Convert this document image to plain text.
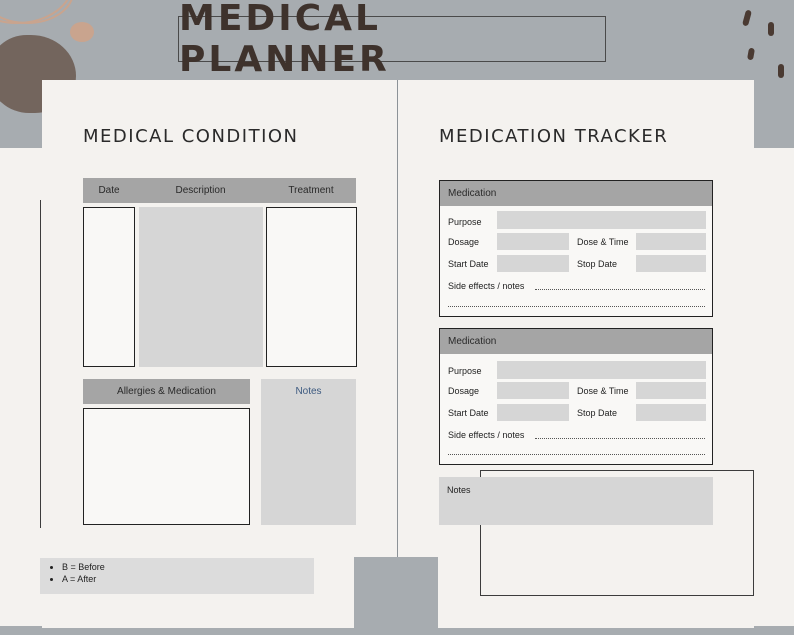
MEDICAL PLANNER
MEDICAL CONDITION
Date	Description	Treatment
Allergies & Medication	Notes
• B = Before
• A = After
MEDICATION TRACKER
Medication
Purpose
Dosage	Dose & Time
Start Date	Stop Date
Side effects / notes
Medication
Purpose
Dosage	Dose & Time
Start Date	Stop Date
Side effects / notes
Notes
